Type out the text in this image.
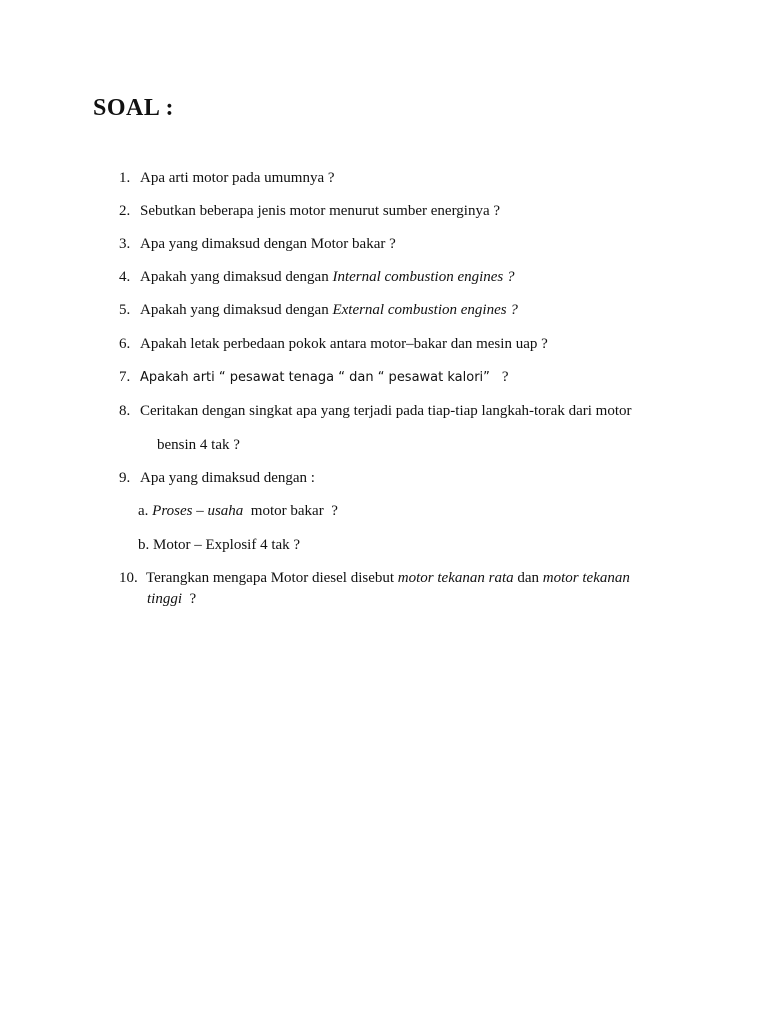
SOAL :
1. Apa arti motor pada umumnya ?
2. Sebutkan beberapa jenis motor menurut sumber energinya ?
3. Apa yang dimaksud dengan Motor bakar ?
4. Apakah yang dimaksud dengan Internal combustion engines ?
5. Apakah yang dimaksud dengan External combustion engines ?
6. Apakah letak perbedaan pokok antara motor–bakar dan mesin uap ?
7. Apakah arti “ pesawat tenaga “ dan “ pesawat kalori” ?
8. Ceritakan dengan singkat apa yang terjadi pada tiap-tiap langkah-torak dari motor
bensin 4 tak ?
9. Apa yang dimaksud dengan :
a. Proses – usaha  motor bakar  ?
b. Motor – Explosif 4 tak ?
10. Terangkan mengapa Motor diesel disebut motor tekanan rata dan motor tekanan
tinggi  ?
